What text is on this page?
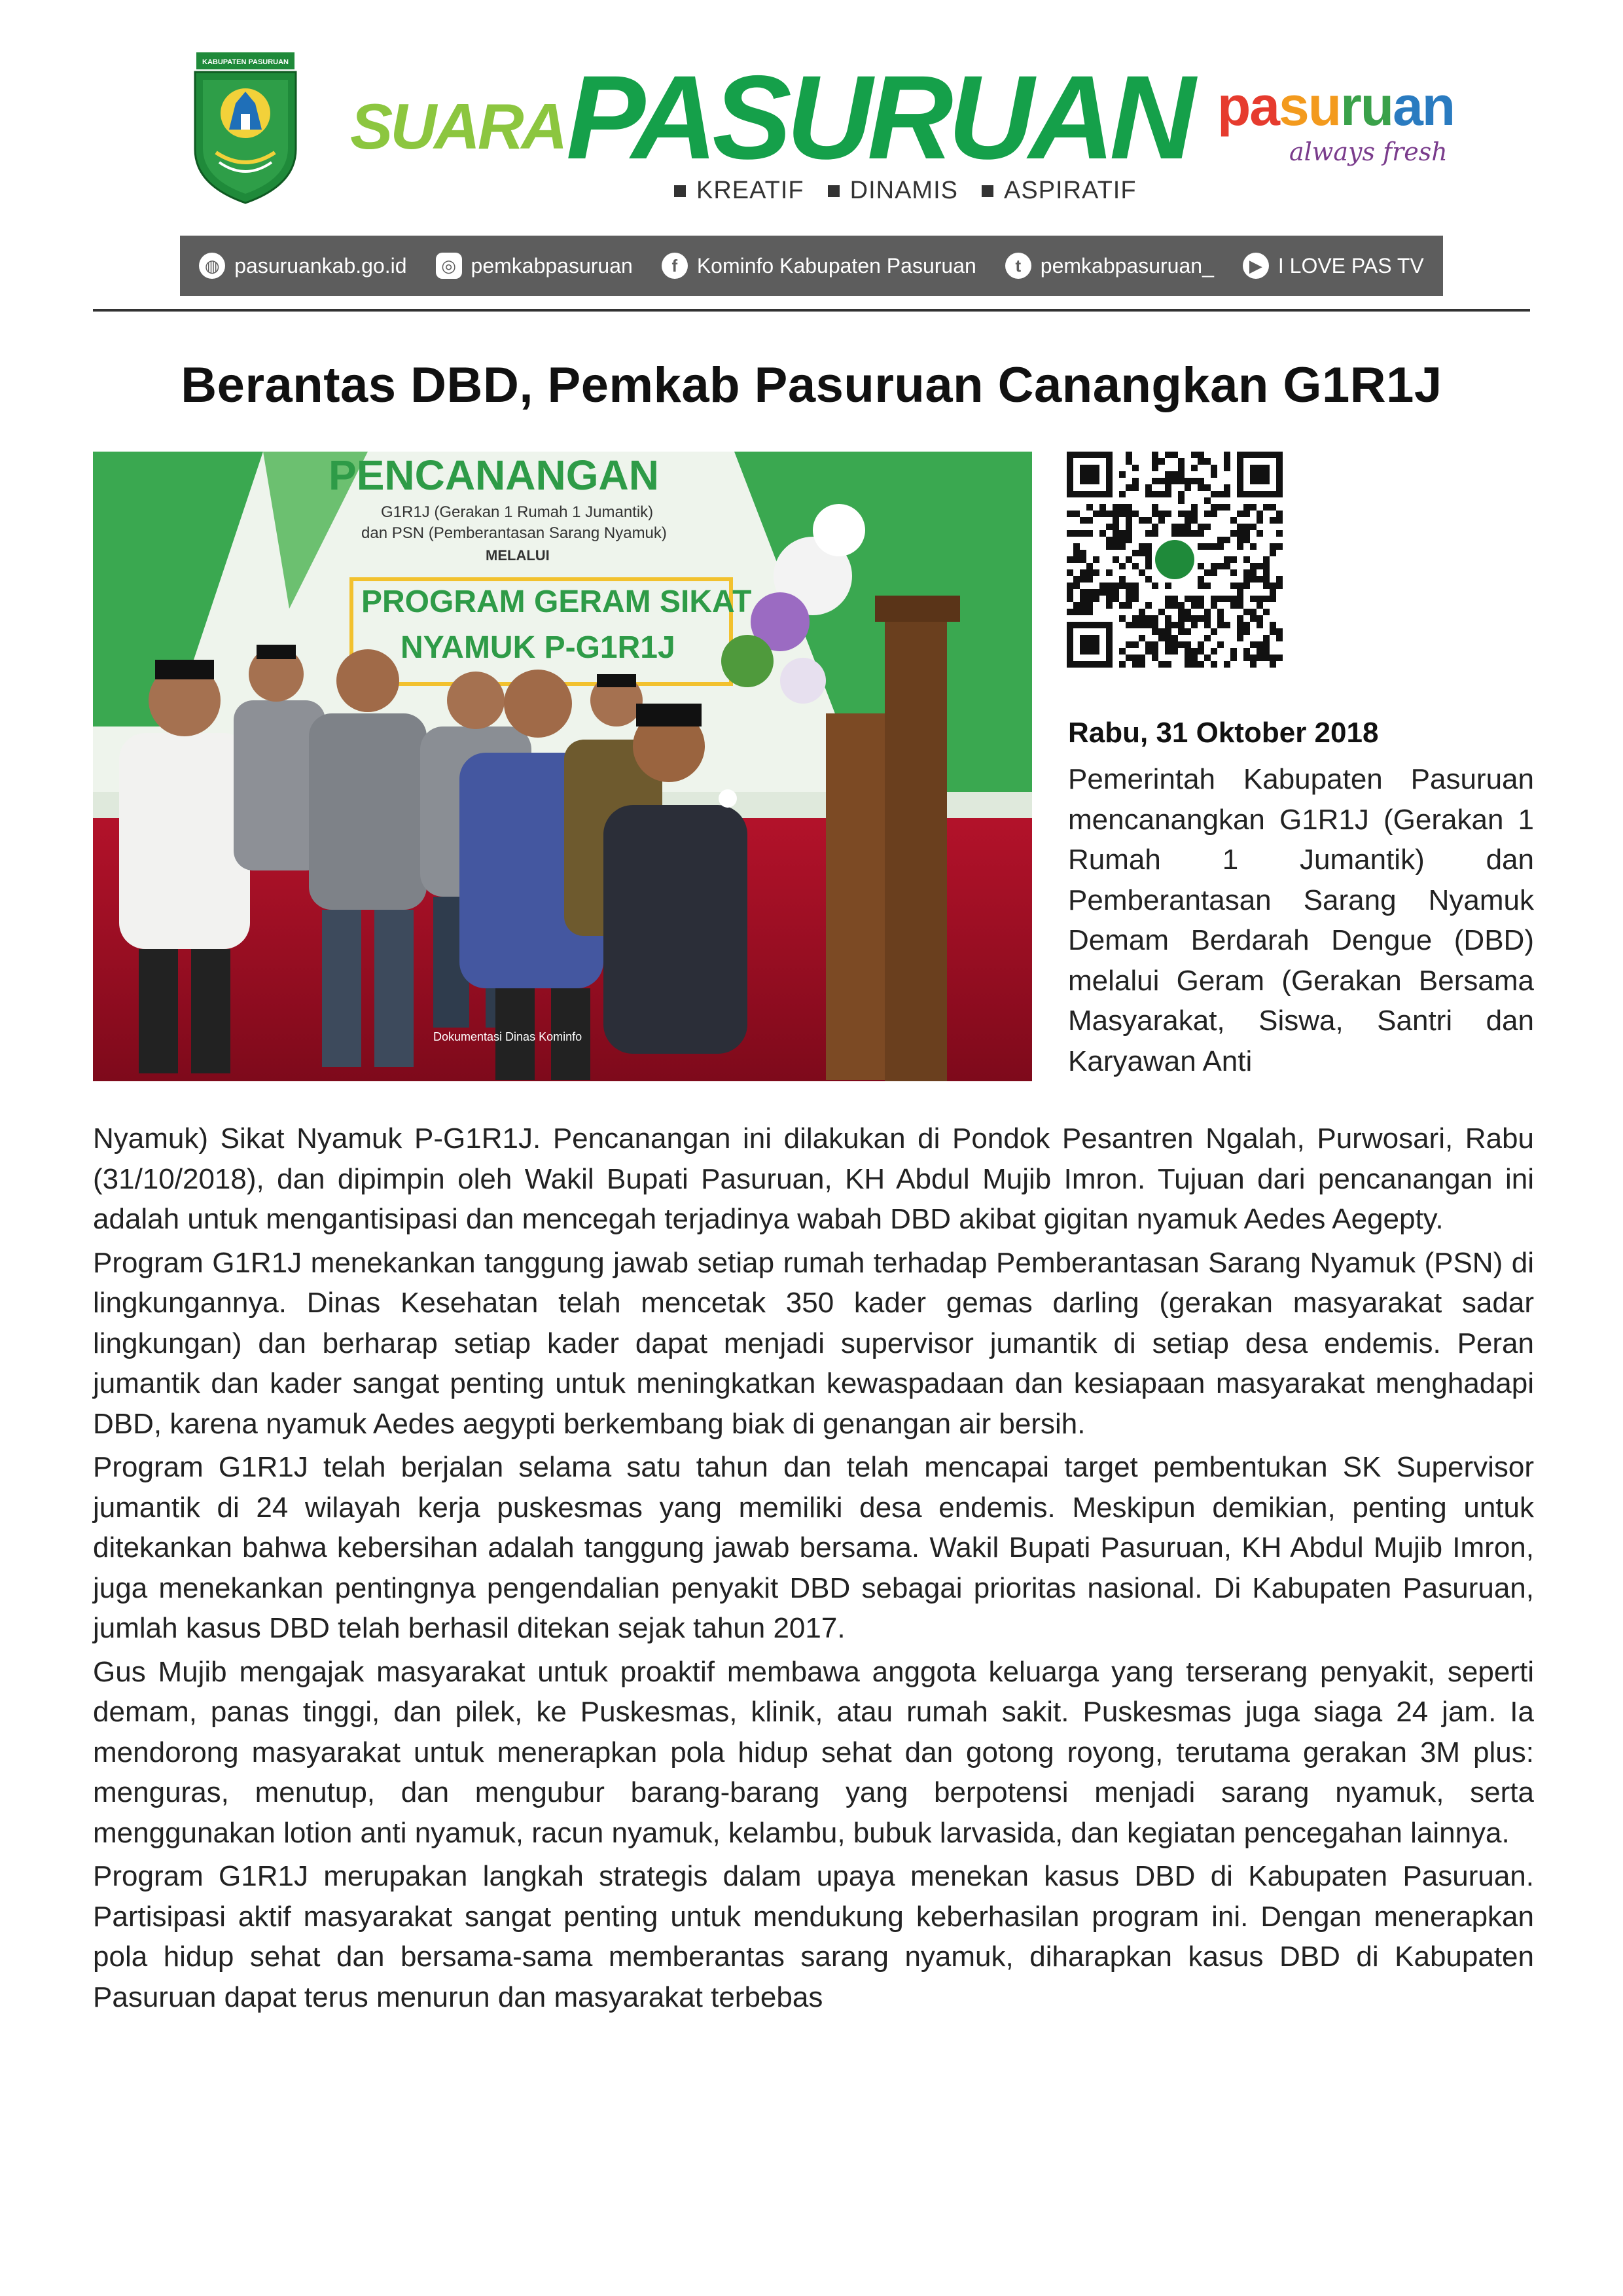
KABUPATEN PASURUAN
SUARA PASURUAN
KREATIF DINAMIS ASPIRATIF
pasuruan
always fresh
◍ pasuruankab.go.id	◎ pemkabpasuruan	f Kominfo Kabupaten Pasuruan	t pemkabpasuruan_	▶ I LOVE PAS TV
Berantas DBD, Pemkab Pasuruan Canangkan G1R1J
PENCANANGAN
G1R1J (Gerakan 1 Rumah 1 Jumantik)
dan PSN (Pemberantasan Sarang Nyamuk)
MELALUI
PROGRAM GERAM SIKAT
NYAMUK P-G1R1J
Dokumentasi Dinas Kominfo
Rabu, 31 Oktober 2018
Pemerintah Kabupaten Pasuruan mencanangkan G1R1J (Gerakan 1 Rumah 1 Jumantik) dan Pemberantasan Sarang Nyamuk Demam Berdarah Dengue (DBD) melalui Geram (Gerakan Bersama Masyarakat, Siswa, Santri dan Karyawan Anti

Nyamuk) Sikat Nyamuk P-G1R1J. Pencanangan ini dilakukan di Pondok Pesantren Ngalah, Purwosari, Rabu (31/10/2018), dan dipimpin oleh Wakil Bupati Pasuruan, KH Abdul Mujib Imron. Tujuan dari pencanangan ini adalah untuk mengantisipasi dan mencegah terjadinya wabah DBD akibat gigitan nyamuk Aedes Aegepty.

Program G1R1J menekankan tanggung jawab setiap rumah terhadap Pemberantasan Sarang Nyamuk (PSN) di lingkungannya. Dinas Kesehatan telah mencetak 350 kader gemas darling (gerakan masyarakat sadar lingkungan) dan berharap setiap kader dapat menjadi supervisor jumantik di setiap desa endemis. Peran jumantik dan kader sangat penting untuk meningkatkan kewaspadaan dan kesiapaan masyarakat menghadapi DBD, karena nyamuk Aedes aegypti berkembang biak di genangan air bersih.

Program G1R1J telah berjalan selama satu tahun dan telah mencapai target pembentukan SK Supervisor jumantik di 24 wilayah kerja puskesmas yang memiliki desa endemis. Meskipun demikian, penting untuk ditekankan bahwa kebersihan adalah tanggung jawab bersama. Wakil Bupati Pasuruan, KH Abdul Mujib Imron, juga menekankan pentingnya pengendalian penyakit DBD sebagai prioritas nasional. Di Kabupaten Pasuruan, jumlah kasus DBD telah berhasil ditekan sejak tahun 2017.

Gus Mujib mengajak masyarakat untuk proaktif membawa anggota keluarga yang terserang penyakit, seperti demam, panas tinggi, dan pilek, ke Puskesmas, klinik, atau rumah sakit. Puskesmas juga siaga 24 jam. Ia mendorong masyarakat untuk menerapkan pola hidup sehat dan gotong royong, terutama gerakan 3M plus: menguras, menutup, dan mengubur barang-barang yang berpotensi menjadi sarang nyamuk, serta menggunakan lotion anti nyamuk, racun nyamuk, kelambu, bubuk larvasida, dan kegiatan pencegahan lainnya.

Program G1R1J merupakan langkah strategis dalam upaya menekan kasus DBD di Kabupaten Pasuruan. Partisipasi aktif masyarakat sangat penting untuk mendukung keberhasilan program ini. Dengan menerapkan pola hidup sehat dan bersama-sama memberantas sarang nyamuk, diharapkan kasus DBD di Kabupaten Pasuruan dapat terus menurun dan masyarakat terbebas
